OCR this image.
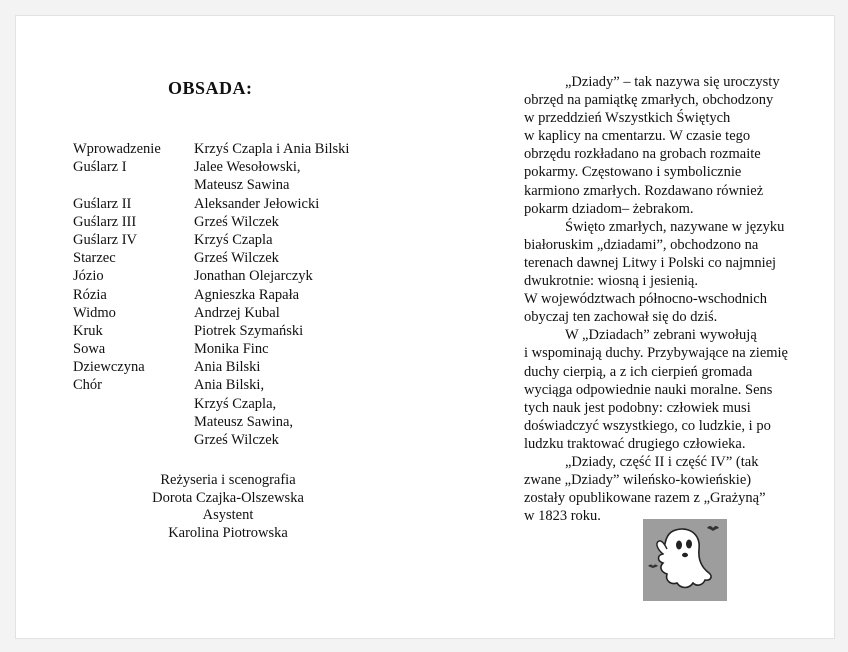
OBSADA:
Wprowadzenie	Krzyś Czapla i Ania Bilski
Guślarz I	Jalee Wesołowski,
Mateusz Sawina
Guślarz II	Aleksander Jełowicki
Guślarz III	Grześ Wilczek
Guślarz IV	Krzyś Czapla
Starzec	Grześ Wilczek
Józio	Jonathan Olejarczyk
Rózia	Agnieszka Rapała
Widmo	Andrzej Kubal
Kruk	Piotrek Szymański
Sowa	Monika Finc
Dziewczyna	Ania Bilski
Chór	Ania Bilski,
Krzyś Czapla,
Mateusz Sawina,
Grześ Wilczek
Reżyseria i scenografia
Dorota Czajka-Olszewska
Asystent
Karolina Piotrowska

„Dziady” – tak nazywa się uroczysty
obrzęd na pamiątkę zmarłych, obchodzony
w przeddzień Wszystkich Świętych
w kaplicy na cmentarzu. W czasie tego
obrzędu rozkładano na grobach rozmaite
pokarmy. Częstowano i symbolicznie
karmiono zmarłych. Rozdawano również
pokarm dziadom– żebrakom.

Święto zmarłych, nazywane w języku
białoruskim „dziadami”, obchodzono na
terenach dawnej Litwy i Polski co najmniej
dwukrotnie: wiosną i jesienią.
W województwach północno-wschodnich
obyczaj ten zachował się do dziś.

W „Dziadach” zebrani wywołują
i wspominają duchy. Przybywające na ziemię
duchy cierpią, a z ich cierpień gromada
wyciąga odpowiednie nauki moralne. Sens
tych nauk jest podobny: człowiek musi
doświadczyć wszystkiego, co ludzkie, i po
ludzku traktować drugiego człowieka.

„Dziady, część II i część IV” (tak
zwane „Dziady” wileńsko-kowieńskie)
zostały opublikowane razem z „Grażyną”
w 1823 roku.
